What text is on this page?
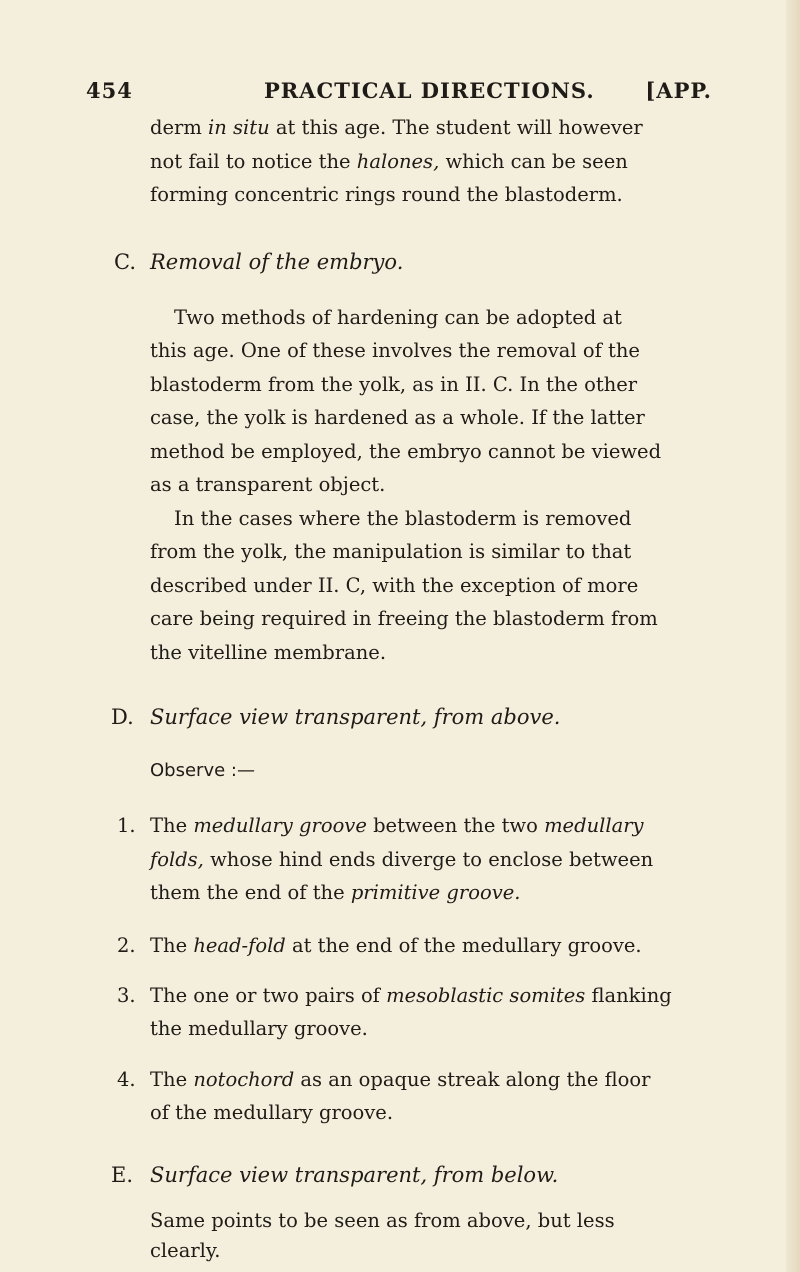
454	PRACTICAL DIRECTIONS. [APP.
derm in situ at this age. The student will however
not fail to notice the halones, which can be seen
forming concentric rings round the blastoderm.
C. Removal of the embryo.
Two methods of hardening can be adopted at
this age. One of these involves the removal of the
blastoderm from the yolk, as in II. C. In the other
case, the yolk is hardened as a whole. If the latter
method be employed, the embryo cannot be viewed
as a transparent object.
In the cases where the blastoderm is removed
from the yolk, the manipulation is similar to that
described under II. C, with the exception of more
care being required in freeing the blastoderm from
the vitelline membrane.
D. Surface view transparent, from above.
Observe :—
1. The medullary groove between the two medullary
folds, whose hind ends diverge to enclose between
them the end of the primitive groove.
2. The head-fold at the end of the medullary groove.
3. The one or two pairs of mesoblastic somites flanking
the medullary groove.
4. The notochord as an opaque streak along the floor
of the medullary groove.
E. Surface view transparent, from below.
Same points to be seen as from above, but less
clearly.
